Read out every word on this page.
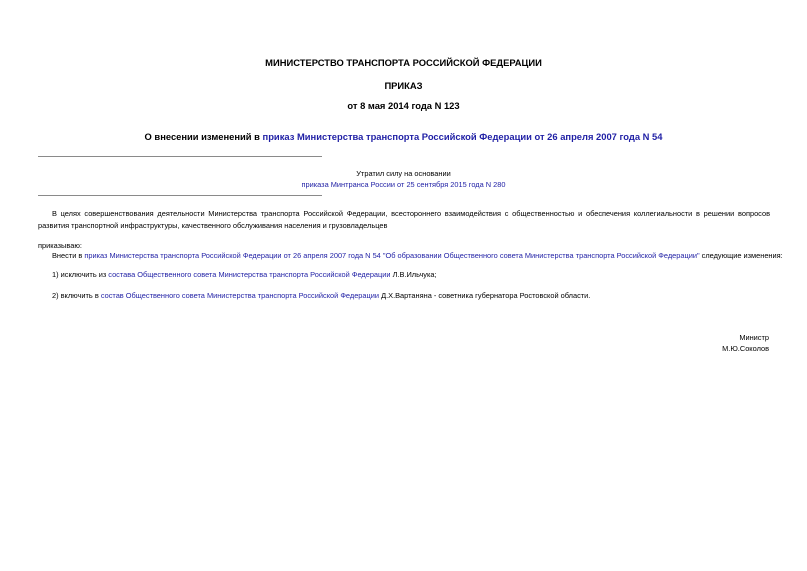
МИНИСТЕРСТВО ТРАНСПОРТА РОССИЙСКОЙ ФЕДЕРАЦИИ
ПРИКАЗ
от 8 мая 2014 года N 123
О внесении изменений в приказ Министерства транспорта Российской Федерации от 26 апреля 2007 года N 54
Утратил силу на основании
приказа Минтранса России от 25 сентября 2015 года N 280
В целях совершенствования деятельности Министерства транспорта Российской Федерации, всестороннего взаимодействия с общественностью и обеспечения коллегиальности в решении вопросов развития транспортной инфраструктуры, качественного обслуживания населения и грузовладельцев
приказываю:
Внести в приказ Министерства транспорта Российской Федерации от 26 апреля 2007 года N 54 "Об образовании Общественного совета Министерства транспорта Российской Федерации" следующие изменения:
1) исключить из состава Общественного совета Министерства транспорта Российской Федерации Л.В.Ильчука;
2) включить в состав Общественного совета Министерства транспорта Российской Федерации Д.Х.Вартаняна - советника губернатора Ростовской области.
Министр
М.Ю.Соколов
